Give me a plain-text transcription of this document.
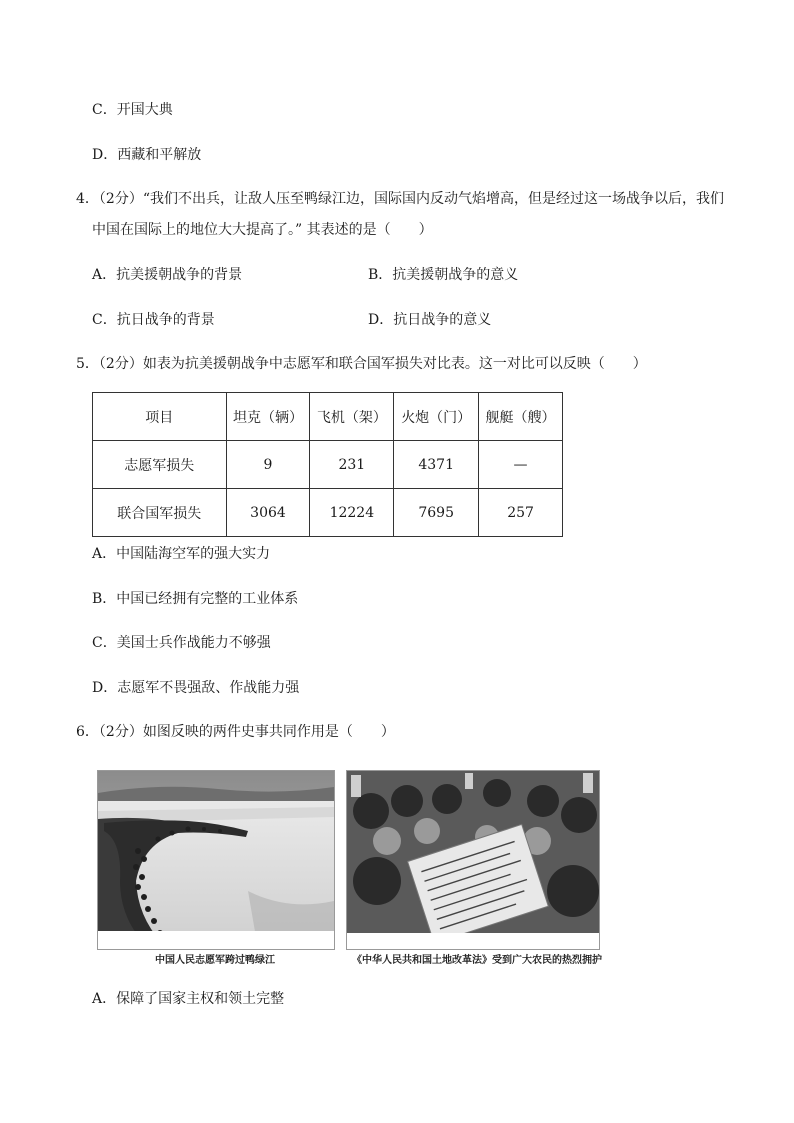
C．开国大典
D．西藏和平解放
4．（2分）“我们不出兵，让敌人压至鸭绿江边，国际国内反动气焰增高，但是经过这一场战争以后，我们
中国在国际上的地位大大提高了。” 其表述的是（　　）
A．抗美援朝战争的背景	B．抗美援朝战争的意义
C．抗日战争的背景	D．抗日战争的意义
5．（2分）如表为抗美援朝战争中志愿军和联合国军损失对比表。这一对比可以反映（　　）
项目	坦克（辆）	飞机（架）	火炮（门）	舰艇（艘）
志愿军损失	9	231	4371	—
联合国军损失	3064	12224	7695	257
A．中国陆海空军的强大实力
B．中国已经拥有完整的工业体系
C．美国士兵作战能力不够强
D．志愿军不畏强敌、作战能力强
6．（2分）如图反映的两件史事共同作用是（　　）
中国人民志愿军跨过鸭绿江	《中华人民共和国土地改革法》受到广大农民的热烈拥护
A．保障了国家主权和领土完整
